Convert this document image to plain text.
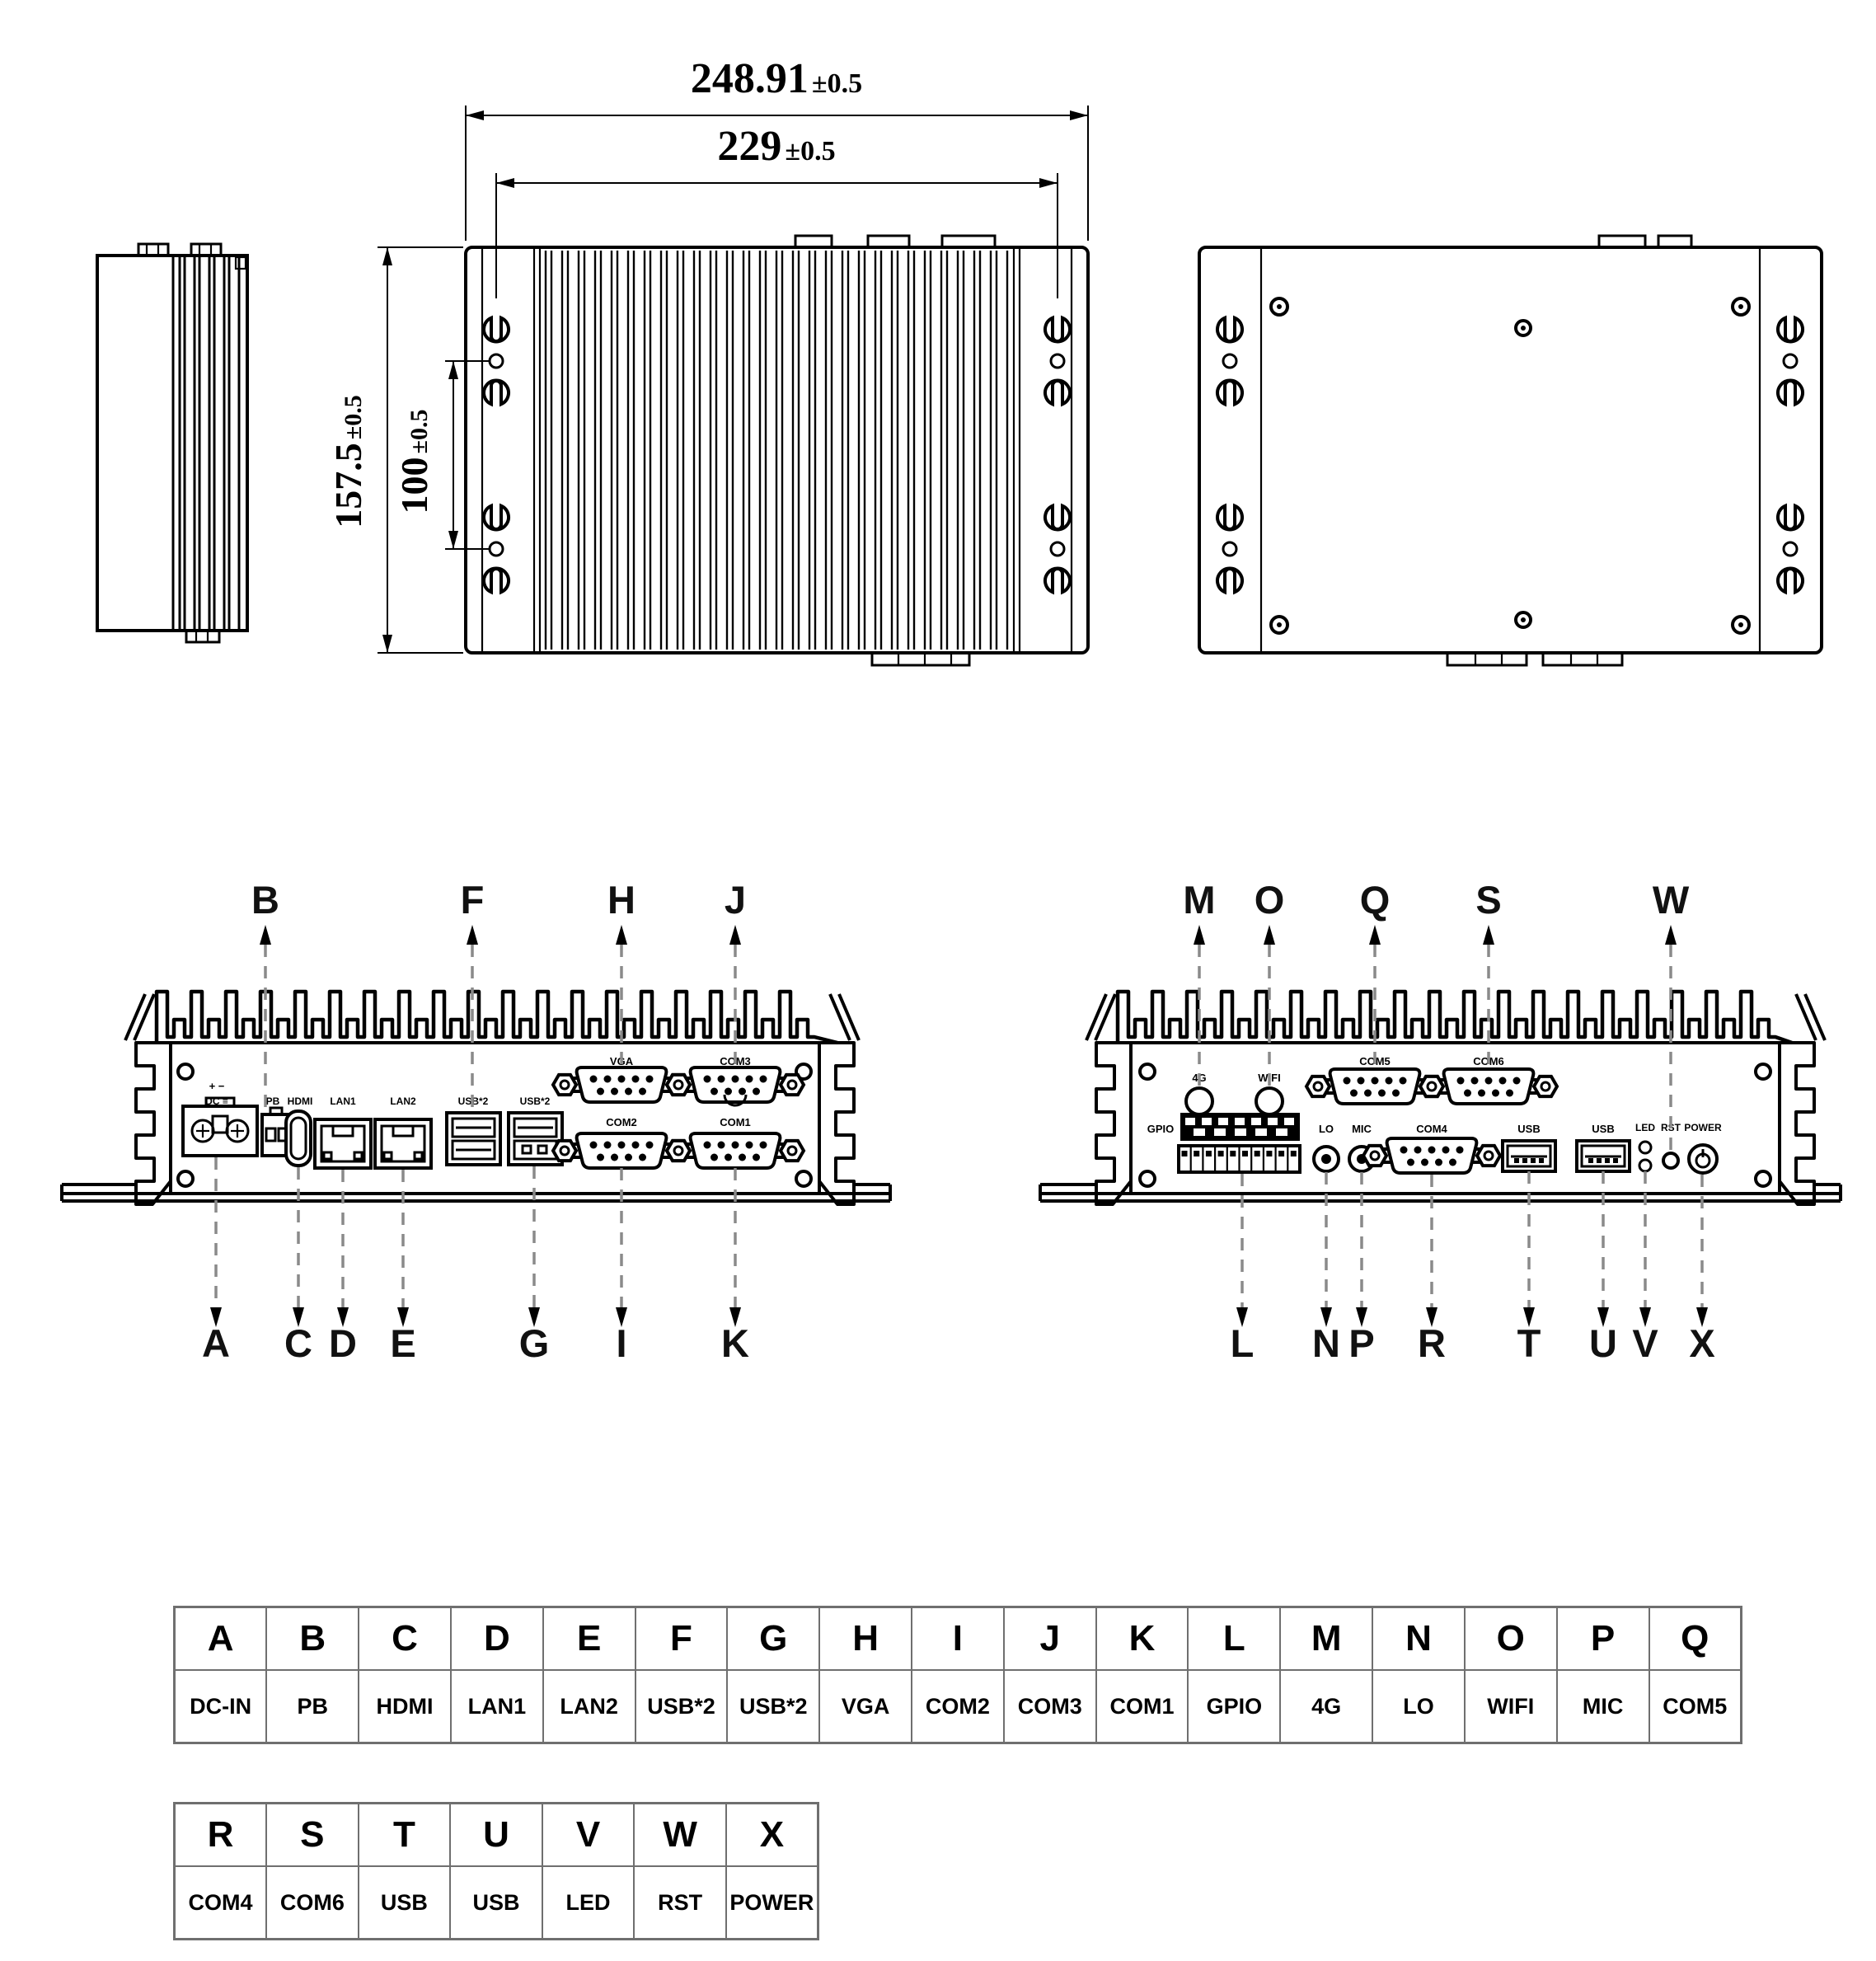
248.91 ±0.5
229 ±0.5
157.5±0.5
100±0.5
+ −
DC ≡	PB HDMI LAN1	LAN2	USB*2	USB*2
VGA	COM3
COM2	COM1
GPIO
4G	WIFI
COM5	COM6
LO MIC	COM4	USB	USB LED RST POWER
B	F	H J	M O Q S	W
A C D E	G I K	L N P R T U V X
A	B	C	D	E	F	G	H	I	J	K	L	M	N	O	P	Q
DC-IN	PB	HDMI	LAN1	LAN2	USB*2	USB*2	VGA	COM2	COM3	COM1	GPIO	4G	LO	WIFI	MIC	COM5
R	S	T	U	V	W	X
COM4	COM6	USB	USB	LED	RST	POWER
